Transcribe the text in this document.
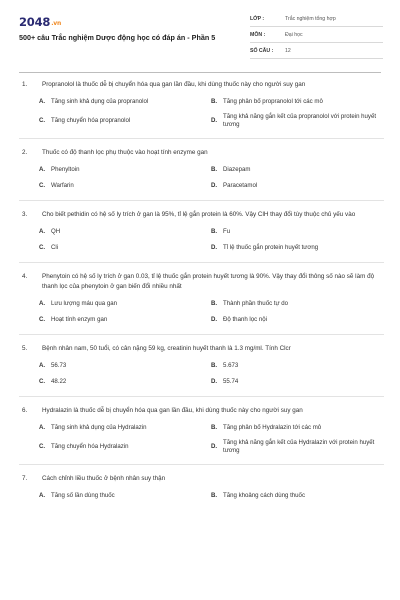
2048.vn
500+ câu Trắc nghiệm Dược động học có đáp án - Phần 5
LỚP :	Trắc nghiệm tổng hợp
MÔN :	Đại học
SỐ CÂU :	12
1.	Propranolol là thuốc dễ bị chuyển hóa qua gan lần đầu, khi dùng thuốc này cho người suy gan
A. Tăng sinh khả dụng của propranolol	B. Tăng phân bố propranolol tới các mô
C. Tăng chuyển hóa propranolol	D.
Tăng khả năng gắn kết của propranolol với protein huyết tương
2.	Thuốc có độ thanh lọc phụ thuộc vào hoạt tính enzyme gan
A. Phenyltoin	B. Diazepam
C. Warfarin	D. Paracetamol
3.	Cho biết pethidin có hệ số ly trích ở gan là 95%, tỉ lệ gắn protein là 60%. Vậy ClH thay đổi tùy thuộc chủ yếu vào
A. QH	B. Fu
C. Cli	D. Tỉ lệ thuốc gắn protein huyết tương
4.	Phenytoin có hệ số ly trích ở gan 0.03, tỉ lệ thuốc gắn protein huyết tương là 90%. Vậy thay đổi thông số nào sẽ làm độ thanh lọc của phenytoin ở gan biến đổi nhiều nhất
A. Lưu lượng máu qua gan	B. Thành phần thuốc tự do
C. Hoạt tính enzym gan	D. Độ thanh lọc nội
5.	Bệnh nhân nam, 50 tuổi, có cân nặng 59 kg, creatinin huyết thanh là 1.3 mg/ml. Tính Clcr
A. 56.73	B. 5.673
C. 48.22	D. 55.74
6.	Hydralazin là thuốc dễ bị chuyển hóa qua gan lần đầu, khi dùng thuốc này cho người suy gan
A. Tăng sinh khả dụng của Hydralazin	B. Tăng phân bố Hydralazin tới các mô
C. Tăng chuyển hóa Hydralazin	D.
Tăng khả năng gắn kết của Hydralazin với protein huyết tương
7.	Cách chỉnh liều thuốc ở bệnh nhân suy thận
A. Tăng số lần dùng thuốc	B. Tăng khoảng cách dùng thuốc
